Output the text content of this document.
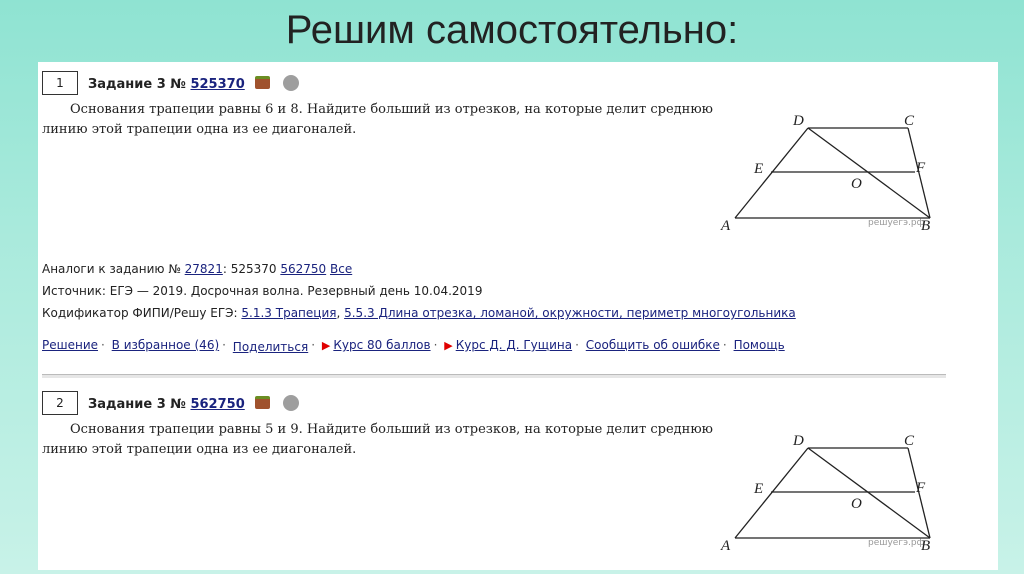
Решим самостоятельно:
1	Задание 3 № 525370
Основания трапеции равны 6 и 8. Найдите больший из отрезков, на которые делит среднюю линию этой трапеции одна из ее диагоналей.
решуегэ.рф
D	C
E	F
O
A	B
Аналоги к заданию № 27821: 525370 562750 Все
Источник: ЕГЭ — 2019. Досрочная волна. Резервный день 10.04.2019
Кодификатор ФИПИ/Решу ЕГЭ: 5.1.3 Трапеция, 5.5.3 Длина отрезка, ломаной, окружности, периметр многоугольника
Решение · В избранное (46) · Поделиться · ▶ Курс 80 баллов · ▶ Курс Д. Д. Гущина · Сообщить об ошибке · Помощь
2	Задание 3 № 562750
Основания трапеции равны 5 и 9. Найдите больший из отрезков, на которые делит среднюю линию этой трапеции одна из ее диагоналей.
решуегэ.рф
D	C
E	F
O
A	B
